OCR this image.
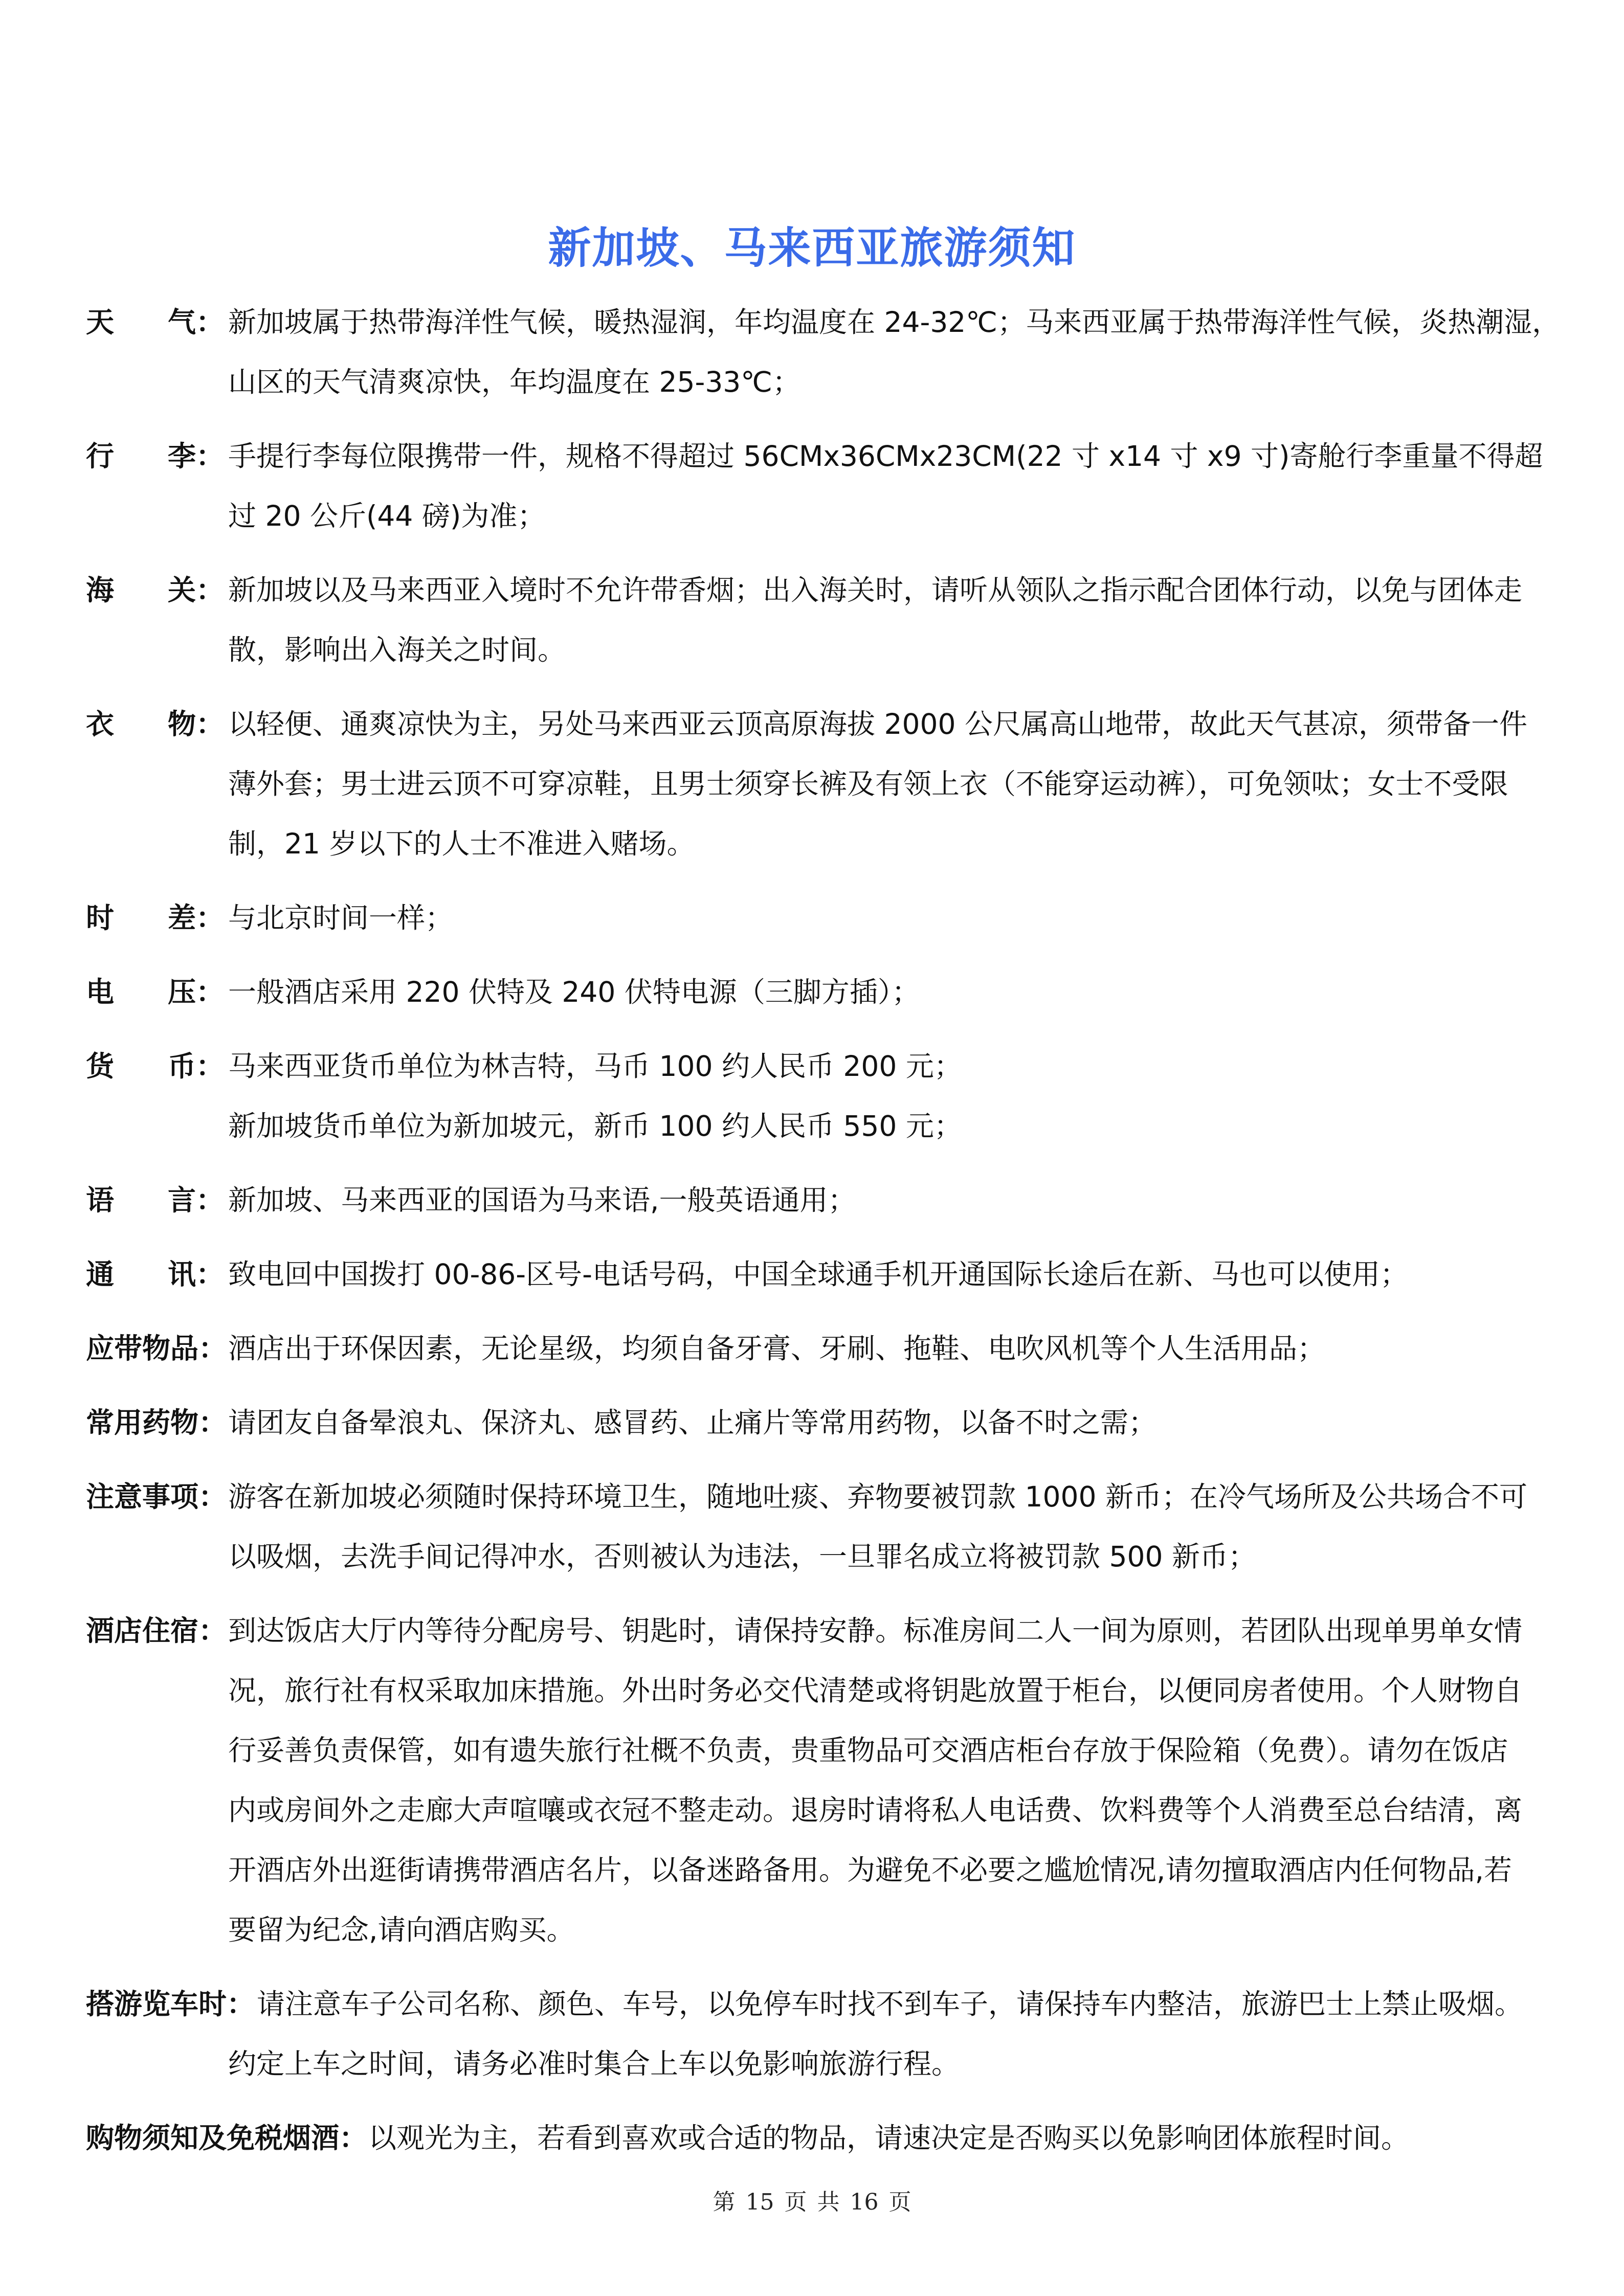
新加坡、马来西亚旅游须知
天 气： 新加坡属于热带海洋性气候，暖热湿润，年均温度在 24-32℃；马来西亚属于热带海洋性气候，炎热潮湿，
山区的天气清爽凉快，年均温度在 25-33℃；
行 李： 手提行李每位限携带一件，规格不得超过 56CMx36CMx23CM(22 寸 x14 寸 x9 寸)寄舱行李重量不得超
过 20 公斤(44 磅)为准；
海 关： 新加坡以及马来西亚入境时不允许带香烟；出入海关时，请听从领队之指示配合团体行动，以免与团体走
散，影响出入海关之时间。
衣 物： 以轻便、通爽凉快为主，另处马来西亚云顶高原海拔 2000 公尺属高山地带，故此天气甚凉，须带备一件
薄外套；男士进云顶不可穿凉鞋，且男士须穿长裤及有领上衣（不能穿运动裤），可免领呔；女士不受限
制，21 岁以下的人士不准进入赌场。
时 差： 与北京时间一样；
电 压： 一般酒店采用 220 伏特及 240 伏特电源（三脚方插）；
货 币： 马来西亚货币单位为林吉特，马币 100 约人民币 200 元；
新加坡货币单位为新加坡元，新币 100 约人民币 550 元；
语 言： 新加坡、马来西亚的国语为马来语,一般英语通用；
通 讯： 致电回中国拨打 00-86-区号-电话号码，中国全球通手机开通国际长途后在新、马也可以使用；
应带物品： 酒店出于环保因素，无论星级，均须自备牙膏、牙刷、拖鞋、电吹风机等个人生活用品；
常用药物： 请团友自备晕浪丸、保济丸、感冒药、止痛片等常用药物，以备不时之需；
注意事项： 游客在新加坡必须随时保持环境卫生，随地吐痰、弃物要被罚款 1000 新币；在冷气场所及公共场合不可
以吸烟，去洗手间记得冲水，否则被认为违法，一旦罪名成立将被罚款 500 新币；
酒店住宿： 到达饭店大厅内等待分配房号、钥匙时，请保持安静。标准房间二人一间为原则，若团队出现单男单女情
况，旅行社有权采取加床措施。外出时务必交代清楚或将钥匙放置于柜台，以便同房者使用。个人财物自
行妥善负责保管，如有遗失旅行社概不负责，贵重物品可交酒店柜台存放于保险箱（免费）。请勿在饭店
内或房间外之走廊大声喧嚷或衣冠不整走动。退房时请将私人电话费、饮料费等个人消费至总台结清，离
开酒店外出逛街请携带酒店名片，以备迷路备用。为避免不必要之尴尬情况,请勿擅取酒店内任何物品,若
要留为纪念,请向酒店购买。
搭游览车时： 请注意车子公司名称、颜色、车号，以免停车时找不到车子，请保持车内整洁，旅游巴士上禁止吸烟。
约定上车之时间，请务必准时集合上车以免影响旅游行程。
购物须知及免税烟酒： 以观光为主，若看到喜欢或合适的物品，请速决定是否购买以免影响团体旅程时间。
第 15 页 共 16 页
